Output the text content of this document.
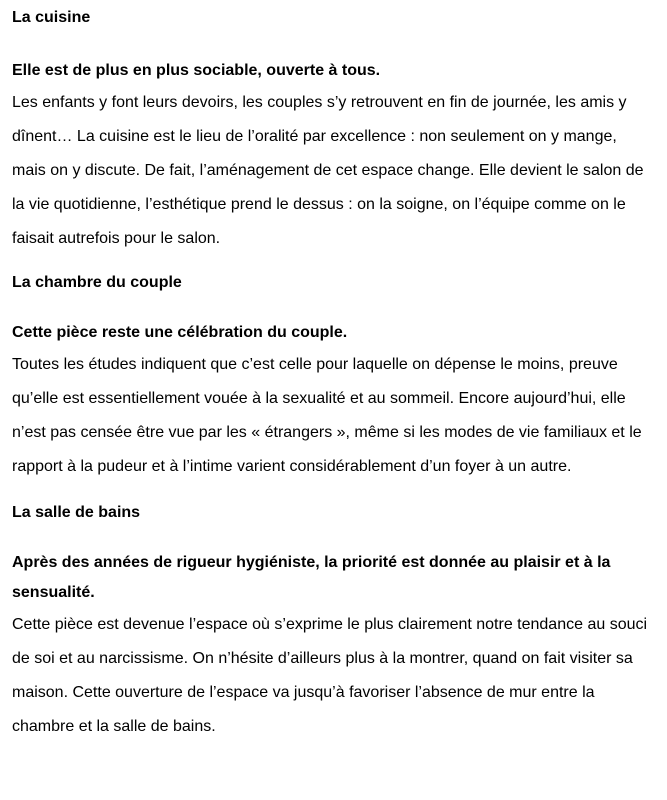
La cuisine

Elle est de plus en plus sociable, ouverte à tous.

Les enfants y font leurs devoirs, les couples s’y retrouvent en fin de journée, les amis y dînent… La cuisine est le lieu de l’oralité par excellence : non seulement on y mange, mais on y discute. De fait, l’aménagement de cet espace change. Elle devient le salon de la vie quotidienne, l’esthétique prend le dessus : on la soigne, on l’équipe comme on le faisait autrefois pour le salon.

La chambre du couple

Cette pièce reste une célébration du couple.

Toutes les études indiquent que c’est celle pour laquelle on dépense le moins, preuve qu’elle est essentiellement vouée à la sexualité et au sommeil. Encore aujourd’hui, elle n’est pas censée être vue par les « étrangers », même si les modes de vie familiaux et le rapport à la pudeur et à l’intime varient considérablement d’un foyer à un autre.

La salle de bains

Après des années de rigueur hygiéniste, la priorité est donnée au plaisir et à la sensualité.

Cette pièce est devenue l’espace où s’exprime le plus clairement notre tendance au souci de soi et au narcissisme. On n’hésite d’ailleurs plus à la montrer, quand on fait visiter sa maison. Cette ouverture de l’espace va jusqu’à favoriser l’absence de mur entre la chambre et la salle de bains.
